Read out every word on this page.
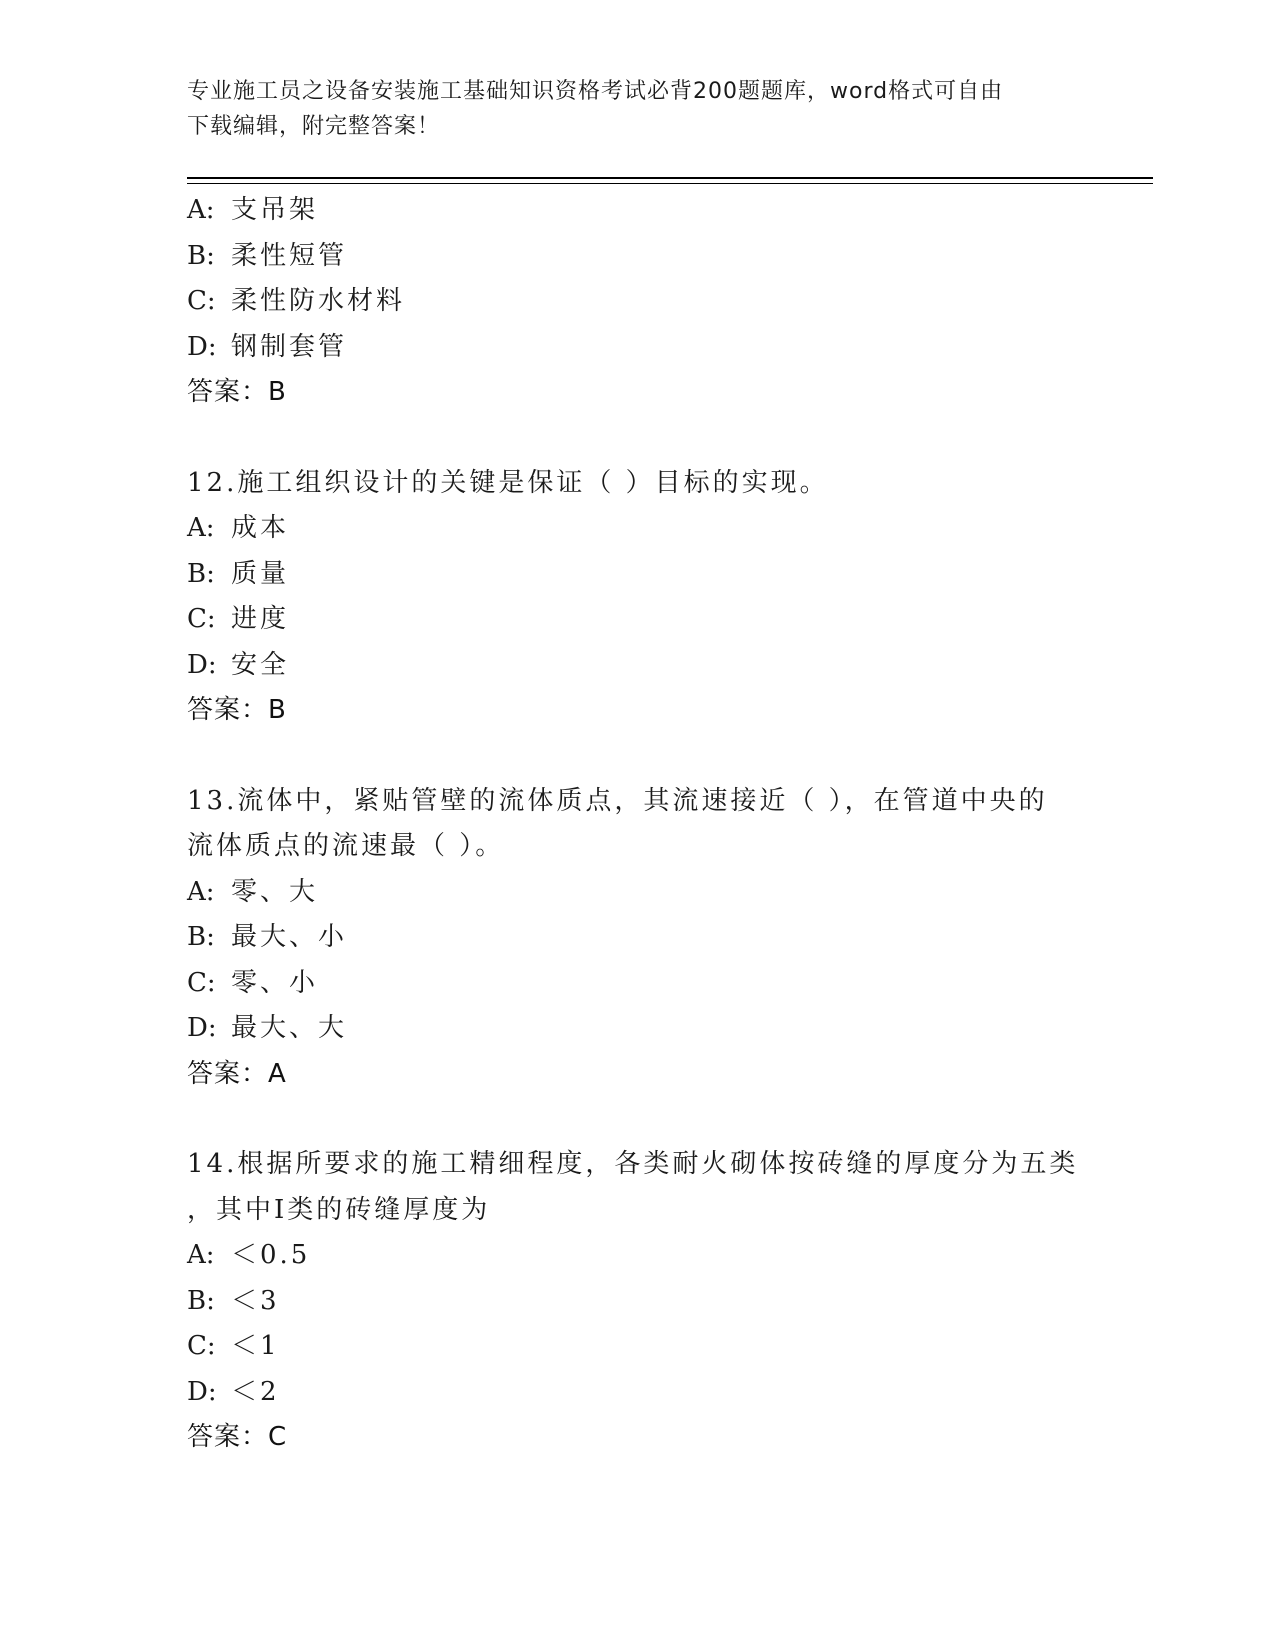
专业施工员之设备安装施工基础知识资格考试必背200题题库，word格式可自由
下载编辑，附完整答案！
A: 支吊架
B: 柔性短管
C: 柔性防水材料
D: 钢制套管
答案：B
12.施工组织设计的关键是保证（ ）目标的实现。
A: 成本
B: 质量
C: 进度
D: 安全
答案：B
13.流体中，紧贴管壁的流体质点，其流速接近（ ），在管道中央的
流体质点的流速最（ ）。
A: 零、大
B: 最大、小
C: 零、小
D: 最大、大
答案：A
14.根据所要求的施工精细程度，各类耐火砌体按砖缝的厚度分为五类
，其中Ⅰ类的砖缝厚度为
A: ＜0.5
B: ＜3
C: ＜1
D: ＜2
答案：C
